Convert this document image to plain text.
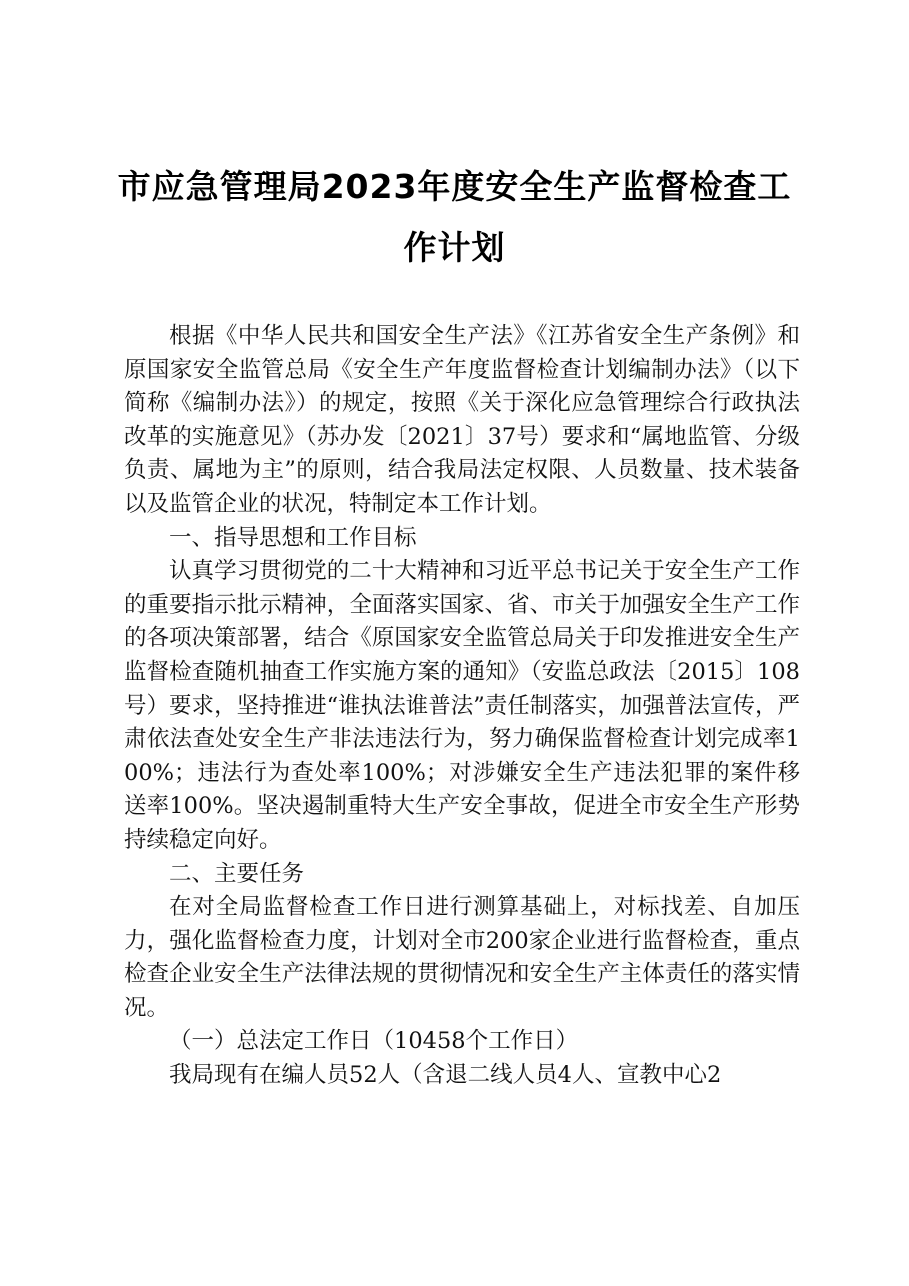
市应急管理局2023年度安全生产监督检查工
作计划

根据《中华人民共和国安全生产法》《江苏省安全生产条例》和原国家安全监管总局《安全生产年度监督检查计划编制办法》（以下简称《编制办法》）的规定，按照《关于深化应急管理综合行政执法改革的实施意见》（苏办发〔2021〕37号）要求和“属地监管、分级负责、属地为主”的原则，结合我局法定权限、人员数量、技术装备以及监管企业的状况，特制定本工作计划。

一、指导思想和工作目标

认真学习贯彻党的二十大精神和习近平总书记关于安全生产工作的重要指示批示精神，全面落实国家、省、市关于加强安全生产工作的各项决策部署，结合《原国家安全监管总局关于印发推进安全生产监督检查随机抽查工作实施方案的通知》（安监总政法〔2015〕108号）要求，坚持推进“谁执法谁普法”责任制落实，加强普法宣传，严肃依法查处安全生产非法违法行为，努力确保监督检查计划完成率100%；违法行为查处率100%；对涉嫌安全生产违法犯罪的案件移送率100%。坚决遏制重特大生产安全事故，促进全市安全生产形势持续稳定向好。

二、主要任务

在对全局监督检查工作日进行测算基础上，对标找差、自加压力，强化监督检查力度，计划对全市200家企业进行监督检查，重点检查企业安全生产法律法规的贯彻情况和安全生产主体责任的落实情况。

（一）总法定工作日（10458个工作日）

我局现有在编人员52人（含退二线人员4人、宣教中心2
